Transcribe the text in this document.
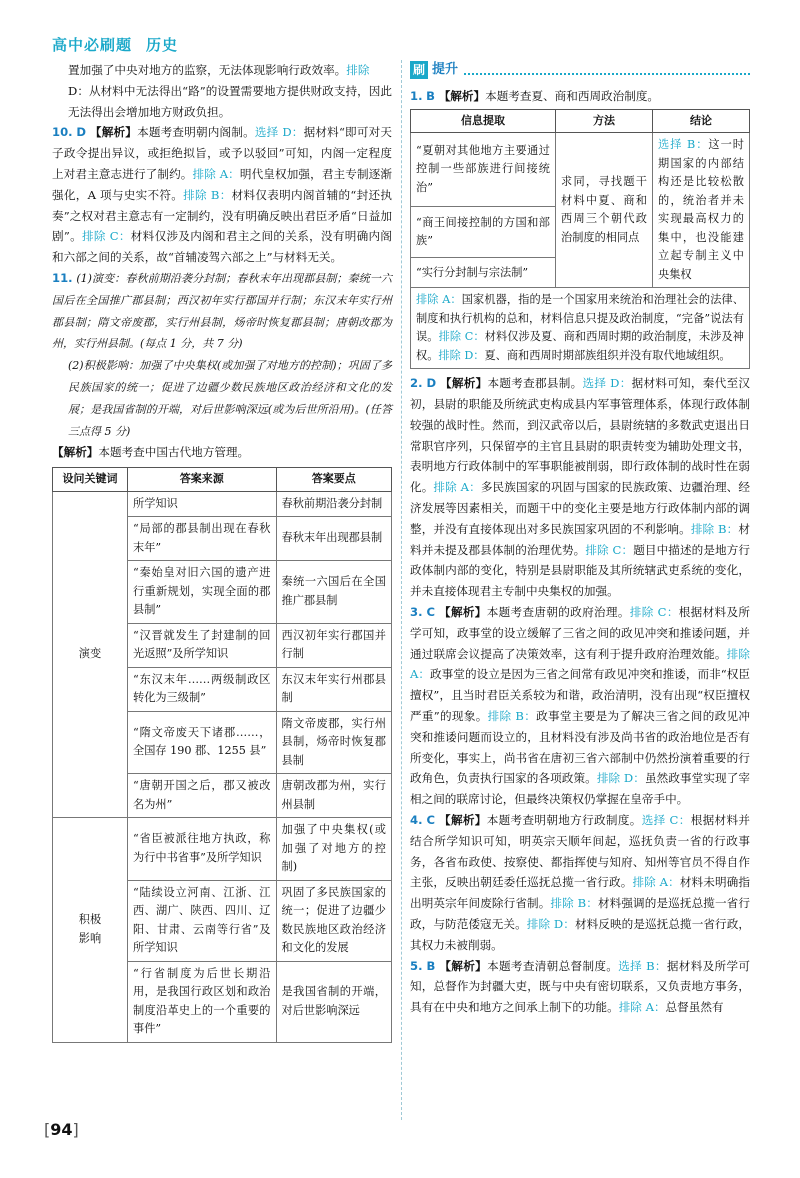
高中必刷题 历史

置加强了中央对地方的监察，无法体现影响行政效率。排除
D：从材料中无法得出“路”的设置需要地方提供财政支持，因此无法得出会增加地方财政负担。

10. D 【解析】本题考查明朝内阁制。选择 D：据材料“即可对天子政令提出异议，或拒绝拟旨，或予以驳回”可知，内阁一定程度上对君主意志进行了制约。排除 A：明代皇权加强，君主专制逐渐强化，A 项与史实不符。排除 B：材料仅表明内阁首辅的“封还执奏”之权对君主意志有一定制约，没有明确反映出君臣矛盾“日益加剧”。排除 C：材料仅涉及内阁和君主之间的关系，没有明确内阁和六部之间的关系，故“首辅凌驾六部之上”与材料无关。

11. (1)演变：春秋前期沿袭分封制；春秋末年出现郡县制；秦统一六国后在全国推广郡县制；西汉初年实行郡国并行制；东汉末年实行州郡县制；隋文帝废郡，实行州县制，炀帝时恢复郡县制；唐朝改郡为州，实行州县制。(每点 1 分，共 7 分)

(2)积极影响：加强了中央集权(或加强了对地方的控制)；巩固了多民族国家的统一；促进了边疆少数民族地区政治经济和文化的发展；是我国省制的开端，对后世影响深远(或为后世所沿用)。(任答三点得 5 分)

【解析】本题考查中国古代地方管理。

设问关键词	答案来源	答案要点
演变	所学知识	春秋前期沿袭分封制
	“局部的郡县制出现在春秋末年”	春秋末年出现郡县制
	“秦始皇对旧六国的遗产进行重新规划，实现全面的郡县制”	秦统一六国后在全国推广郡县制
	“汉晋就发生了封建制的回光返照”及所学知识	西汉初年实行郡国并行制
	“东汉末年……两级制政区转化为三级制”	东汉末年实行州郡县制
	“隋文帝废天下诸郡……，全国存 190 郡、1255 县”	隋文帝废郡，实行州县制，炀帝时恢复郡县制
	“唐朝开国之后，郡又被改名为州”	唐朝改郡为州，实行州县制
积极
影响	“省臣被派往地方执政，称为行中书省事”及所学知识	加强了中央集权(或加强了对地方的控制)
	“陆续设立河南、江浙、江西、湖广、陕西、四川、辽阳、甘肃、云南等行省”及所学知识	巩固了多民族国家的统一；促进了边疆少数民族地区政治经济和文化的发展
	“行省制度为后世长期沿用，是我国行政区划和政治制度沿革史上的一个重要的事件”	是我国省制的开端，对后世影响深远
刷 提升

1. B 【解析】本题考查夏、商和西周政治制度。

信息提取	方法	结论
“夏朝对其他地方主要通过控制一些部族进行间接统治”	求同，寻找题干材料中夏、商和西周三个朝代政治制度的相同点	选择 B：这一时期国家的内部结构还是比较松散的，统治者并未实现最高权力的集中，也没能建立起专制主义中央集权
“商王间接控制的方国和部族”		
“实行分封制与宗法制”		
排除 A：国家机器，指的是一个国家用来统治和治理社会的法律、制度和执行机构的总和，材料信息只提及政治制度，“完备”说法有误。排除 C：材料仅涉及夏、商和西周时期的政治制度，未涉及神权。排除 D：夏、商和西周时期部族组织并没有取代地域组织。		

2. D 【解析】本题考查郡县制。选择 D：据材料可知，秦代至汉初，县尉的职能及所统武吏构成县内军事管理体系，体现行政体制较强的战时性。然而，到汉武帝以后，县尉统辖的多数武吏退出日常职官序列，只保留亭的主官且县尉的职责转变为辅助处理文书，表明地方行政体制中的军事职能被削弱，即行政体制的战时性在弱化。排除 A：多民族国家的巩固与国家的民族政策、边疆治理、经济发展等因素相关，而题干中的变化主要是地方行政体制内部的调整，并没有直接体现出对多民族国家巩固的不利影响。排除 B：材料并未提及郡县体制的治理优势。排除 C：题目中描述的是地方行政体制内部的变化，特别是县尉职能及其所统辖武吏系统的变化，并未直接体现君主专制中央集权的加强。

3. C 【解析】本题考查唐朝的政府治理。排除 C：根据材料及所学可知，政事堂的设立缓解了三省之间的政见冲突和推诿问题，并通过联席会议提高了决策效率，这有利于提升政府治理效能。排除 A：政事堂的设立是因为三省之间常有政见冲突和推诿，而非“权臣擅权”，且当时君臣关系较为和谐，政治清明，没有出现“权臣擅权严重”的现象。排除 B：政事堂主要是为了解决三省之间的政见冲突和推诿问题而设立的，且材料没有涉及尚书省的政治地位是否有所变化，事实上，尚书省在唐初三省六部制中仍然扮演着重要的行政角色，负责执行国家的各项政策。排除 D：虽然政事堂实现了宰相之间的联席讨论，但最终决策权仍掌握在皇帝手中。

4. C 【解析】本题考查明朝地方行政制度。选择 C：根据材料并结合所学知识可知，明英宗天顺年间起，巡抚负责一省的行政事务，各省布政使、按察使、都指挥使与知府、知州等官员不得自作主张，反映出朝廷委任巡抚总揽一省行政。排除 A：材料未明确指出明英宗年间废除行省制。排除 B：材料强调的是巡抚总揽一省行政，与防范倭寇无关。排除 D：材料反映的是巡抚总揽一省行政，其权力未被削弱。

5. B 【解析】本题考查清朝总督制度。选择 B：据材料及所学可知，总督作为封疆大吏，既与中央有密切联系，又负责地方事务，具有在中央和地方之间承上制下的功能。排除 A：总督虽然有

[ 94 ]
